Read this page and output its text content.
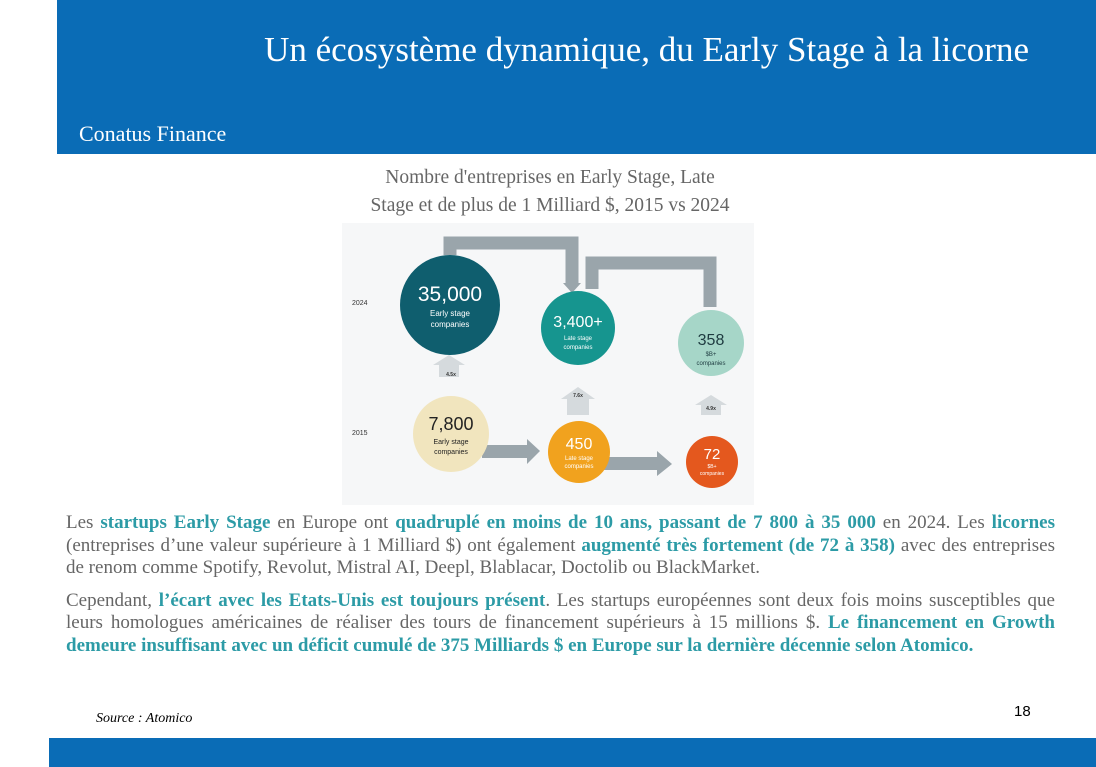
Un écosystème dynamique, du Early Stage à la licorne
Conatus Finance
Nombre d'entreprises en Early Stage, Late
Stage et de plus de 1 Milliard $, 2015 vs 2024
4.5x
7.6x
4.9x
2024
2015
35,000
Early stage
companies	3,400+
Late stage
companies	358
$B+
companies
7,800
Early stage
companies	450
Late stage
companies
72
$B+
companies

Les startups Early Stage en Europe ont quadruplé en moins de 10 ans, passant de 7 800 à 35 000 en 2024. Les licornes (entreprises d’une valeur supérieure à 1 Milliard $) ont également augmenté très fortement (de 72 à 358) avec des entreprises de renom comme Spotify, Revolut, Mistral AI, Deepl, Blablacar, Doctolib ou BlackMarket.

Cependant, l’écart avec les Etats-Unis est toujours présent. Les startups européennes sont deux fois moins susceptibles que leurs homologues américaines de réaliser des tours de financement supérieurs à 15 millions $. Le financement en Growth demeure insuffisant avec un déficit cumulé de 375 Milliards $ en Europe sur la dernière décennie selon Atomico.

Source : Atomico	18
